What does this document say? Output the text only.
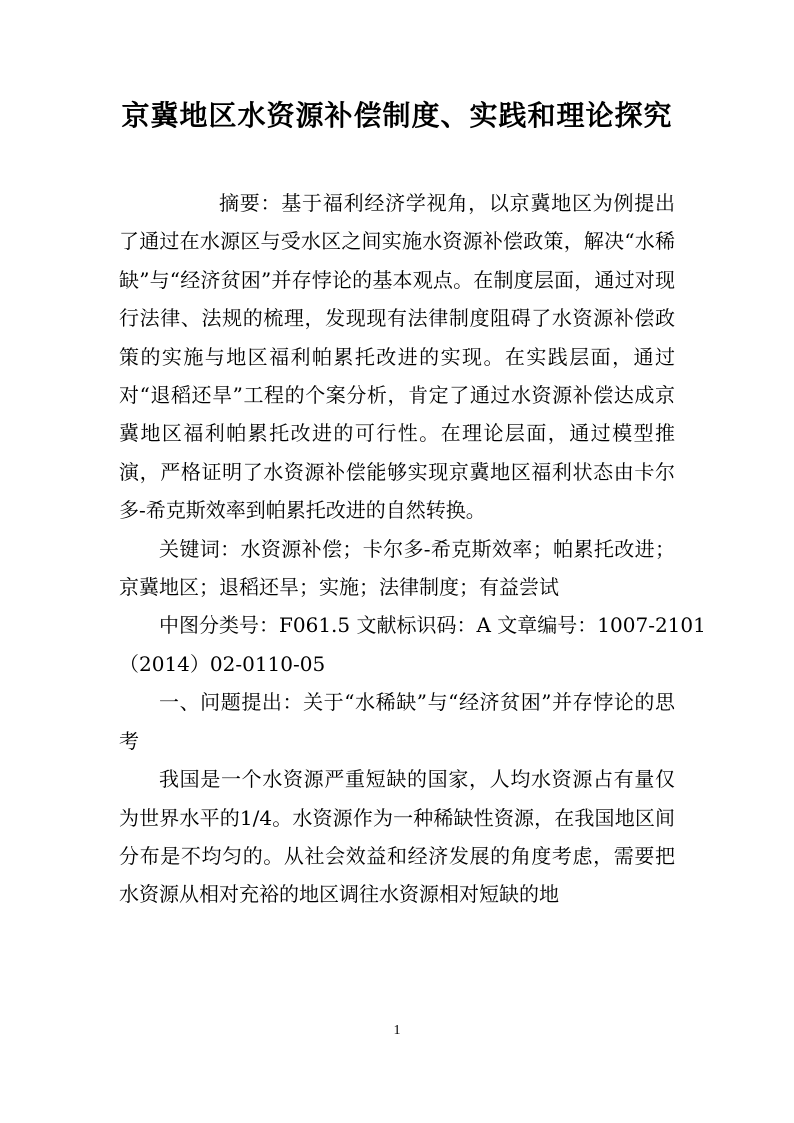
京冀地区水资源补偿制度、实践和理论探究

摘要：基于福利经济学视角，以京冀地区为例提出了通过在水源区与受水区之间实施水资源补偿政策，解决“水稀缺”与“经济贫困”并存悖论的基本观点。在制度层面，通过对现行法律、法规的梳理，发现现有法律制度阻碍了水资源补偿政策的实施与地区福利帕累托改进的实现。在实践层面，通过对“退稻还旱”工程的个案分析，肯定了通过水资源补偿达成京冀地区福利帕累托改进的可行性。在理论层面，通过模型推演，严格证明了水资源补偿能够实现京冀地区福利状态由卡尔多-希克斯效率到帕累托改进的自然转换。

关键词：水资源补偿；卡尔多-希克斯效率；帕累托改进；京冀地区；退稻还旱；实施；法律制度；有益尝试

中图分类号：F061.5 文献标识码：A 文章编号：1007-2101

（2014）02-0110-05

一、问题提出：关于“水稀缺”与“经济贫困”并存悖论的思考

我国是一个水资源严重短缺的国家，人均水资源占有量仅为世界水平的1/4。水资源作为一种稀缺性资源，在我国地区间分布是不均匀的。从社会效益和经济发展的角度考虑，需要把水资源从相对充裕的地区调往水资源相对短缺的地

1
